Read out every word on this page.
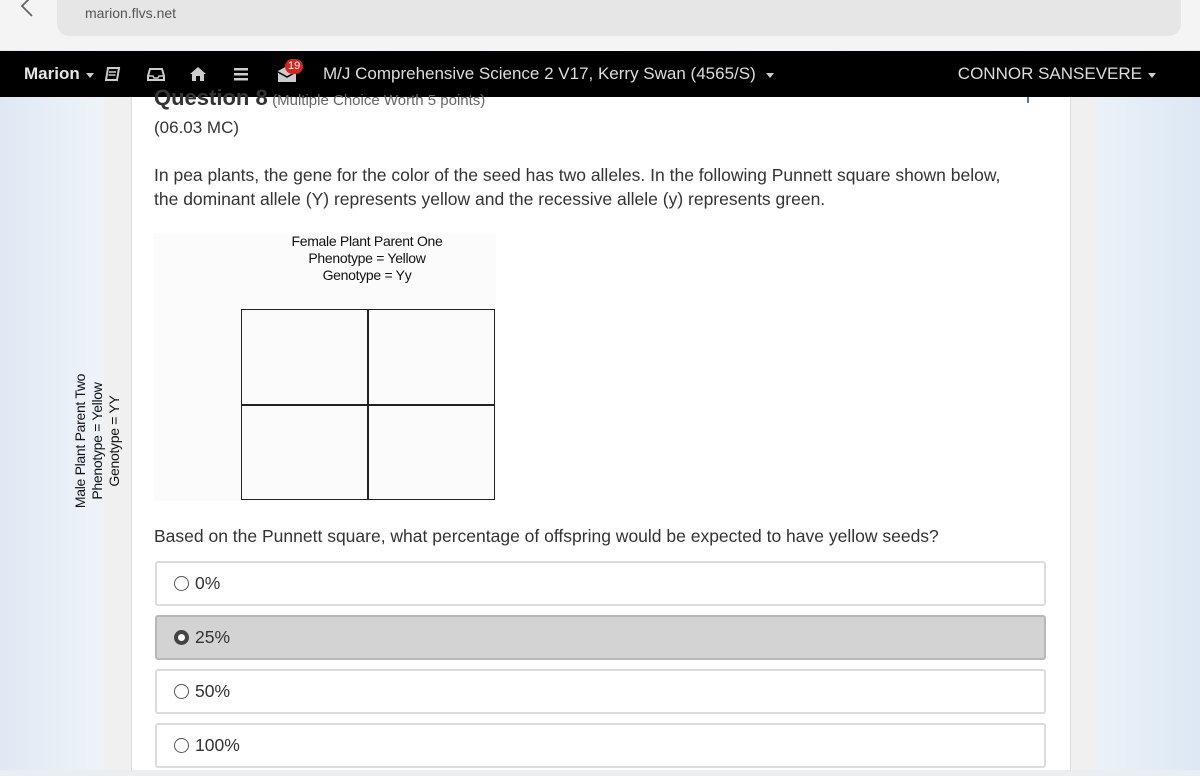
marion.flvs.net
Marion	19 M/J Comprehensive Science 2 V17, Kerry Swan (4565/S)	CONNOR SANSEVERE
Question 8 (Multiple Choice Worth 5 points)
(06.03 MC)
In pea plants, the gene for the color of the seed has two alleles. In the following Punnett square shown below, the dominant allele (Y) represents yellow and the recessive allele (y) represents green.
Female Plant Parent One
Phenotype = Yellow
Genotype = Yy
Male Plant Parent Two Phenotype = Yellow Genotype = YY
Based on the Punnett square, what percentage of offspring would be expected to have yellow seeds?
0%
25%
50%
100%
